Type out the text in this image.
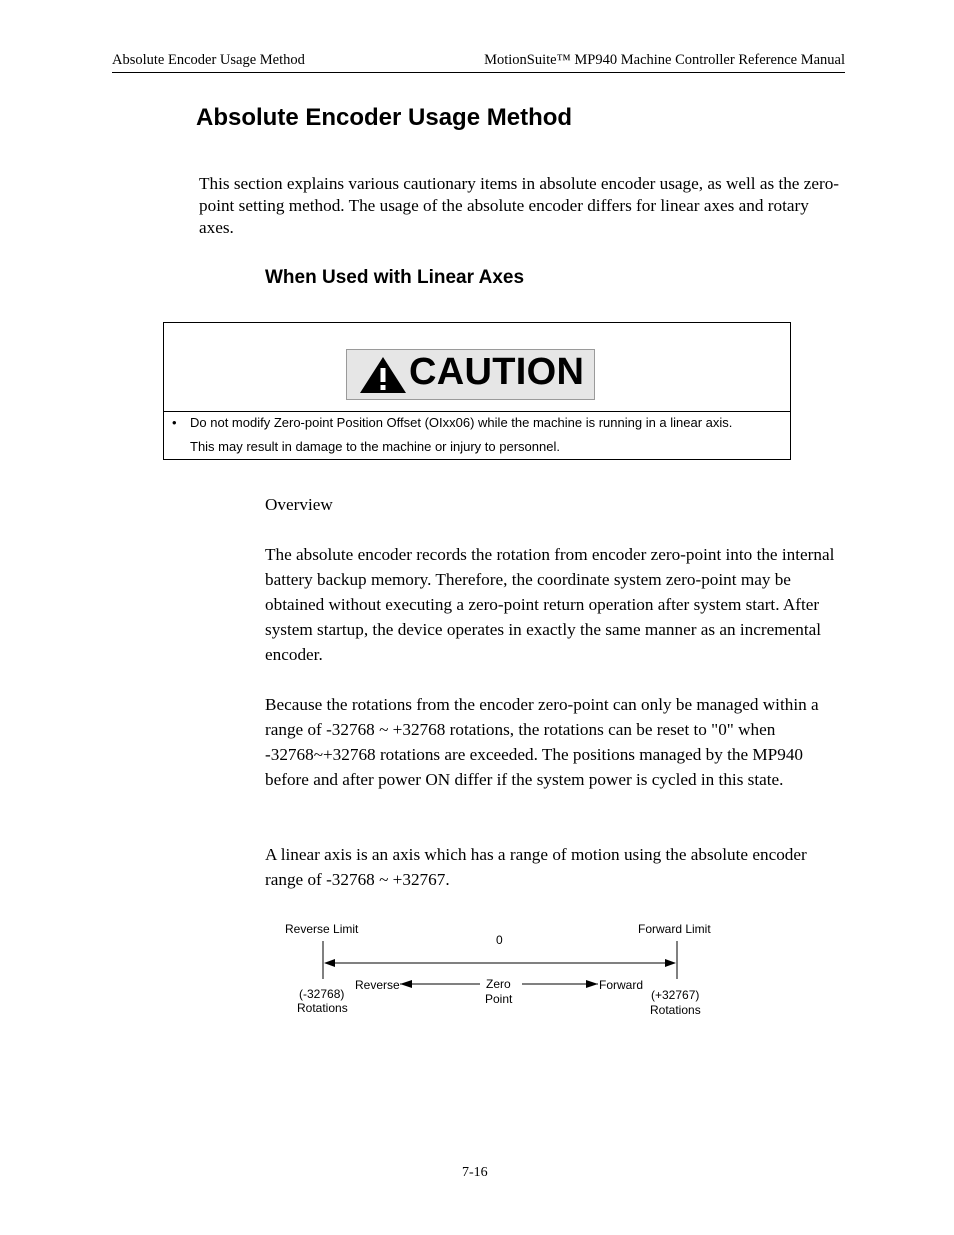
Absolute Encoder Usage Method	MotionSuite™ MP940 Machine Controller Reference Manual
Absolute Encoder Usage Method

This section explains various cautionary items in absolute encoder usage, as well as the zero-point setting method. The usage of the absolute encoder differs for linear axes and rotary axes.

When Used with Linear Axes
CAUTION
• Do not modify Zero-point Position Offset (OIxx06) while the machine is running in a linear axis.
This may result in damage to the machine or injury to personnel.

Overview

The absolute encoder records the rotation from encoder zero-point into the internal battery backup memory. Therefore, the coordinate system zero-point may be obtained without executing a zero-point return operation after system start. After system startup, the device operates in exactly the same manner as an incremental encoder.

Because the rotations from the encoder zero-point can only be managed within a range of -32768 ~ +32768 rotations, the rotations can be reset to "0" when -32768~+32768 rotations are exceeded. The positions managed by the MP940 before and after power ON differ if the system power is cycled in this state.

A linear axis is an axis which has a range of motion using the absolute encoder range of -32768 ~ +32767.

Reverse Limit	Forward Limit
0
Reverse	Forward
Zero
Point
(-32768)
Rotations
(+32767)
Rotations
7-16
